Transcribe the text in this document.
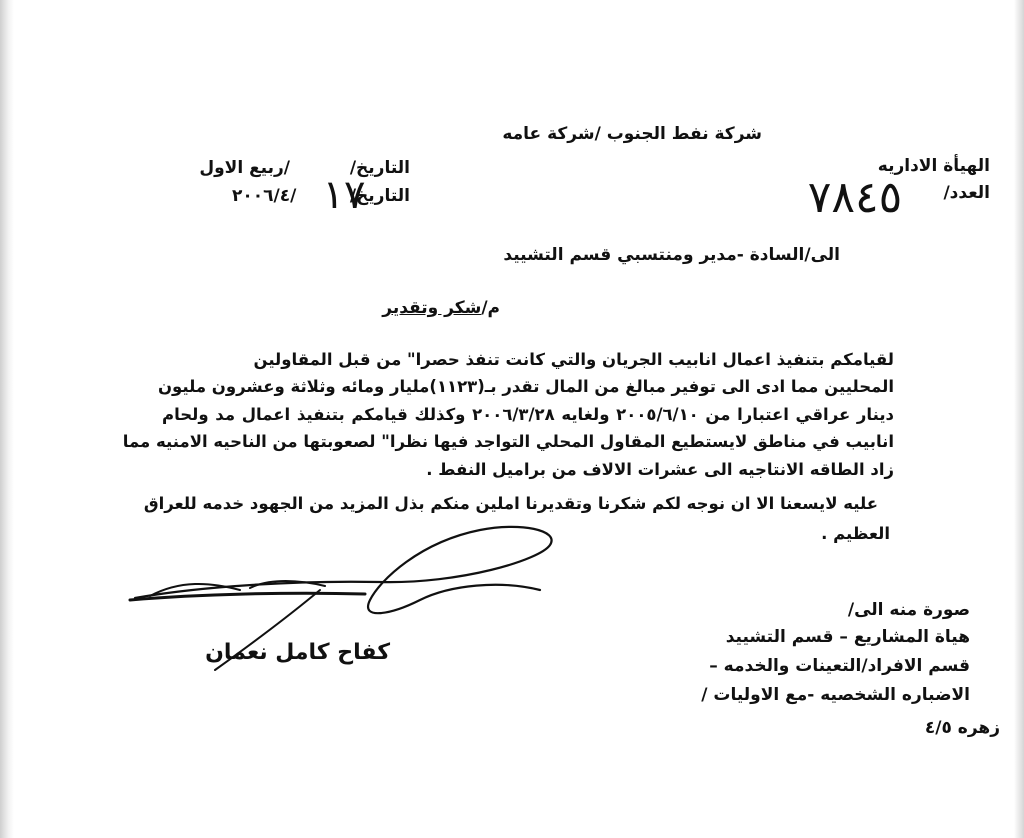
شركة نفط الجنوب /شركة عامه
الهيأة الاداريه
العدد/
٧٨٤٥
التاريخ/
/ربيع الاول
التاريخ/
١٧
٢٠٠٦/٤/
الى/السادة -مدير ومنتسبي قسم التشييد
م/شكر وتقدير
لقيامكم بتنفيذ اعمال انابيب الجريان والتي كانت تنفذ حصرا" من قبل المقاولين
المحليين مما ادى الى توفير مبالغ من المال تقدر بـ(١١٢٣)مليار ومائه وثلاثة وعشرون مليون
دينار عراقي اعتبارا من ٢٠٠٥/٦/١٠ ولغايه ٢٠٠٦/٣/٢٨ وكذلك قيامكم بتنفيذ اعمال مد ولحام
انابيب في مناطق لايستطيع المقاول المحلي التواجد فيها نظرا" لصعوبتها من الناحيه الامنيه مما
زاد الطاقه الانتاجيه الى عشرات الالاف من براميل النفط .
عليه لايسعنا الا ان نوجه لكم شكرنا وتقديرنا املين منكم بذل المزيد من الجهود خدمه للعراق
العظيم .
كفاح كامل نعمان
صورة منه الى/
هياة المشاريع – قسم التشييد
قسم الافراد/التعينات والخدمه –
الاضباره الشخصيه -مع الاوليات /
زهره ٤/٥
